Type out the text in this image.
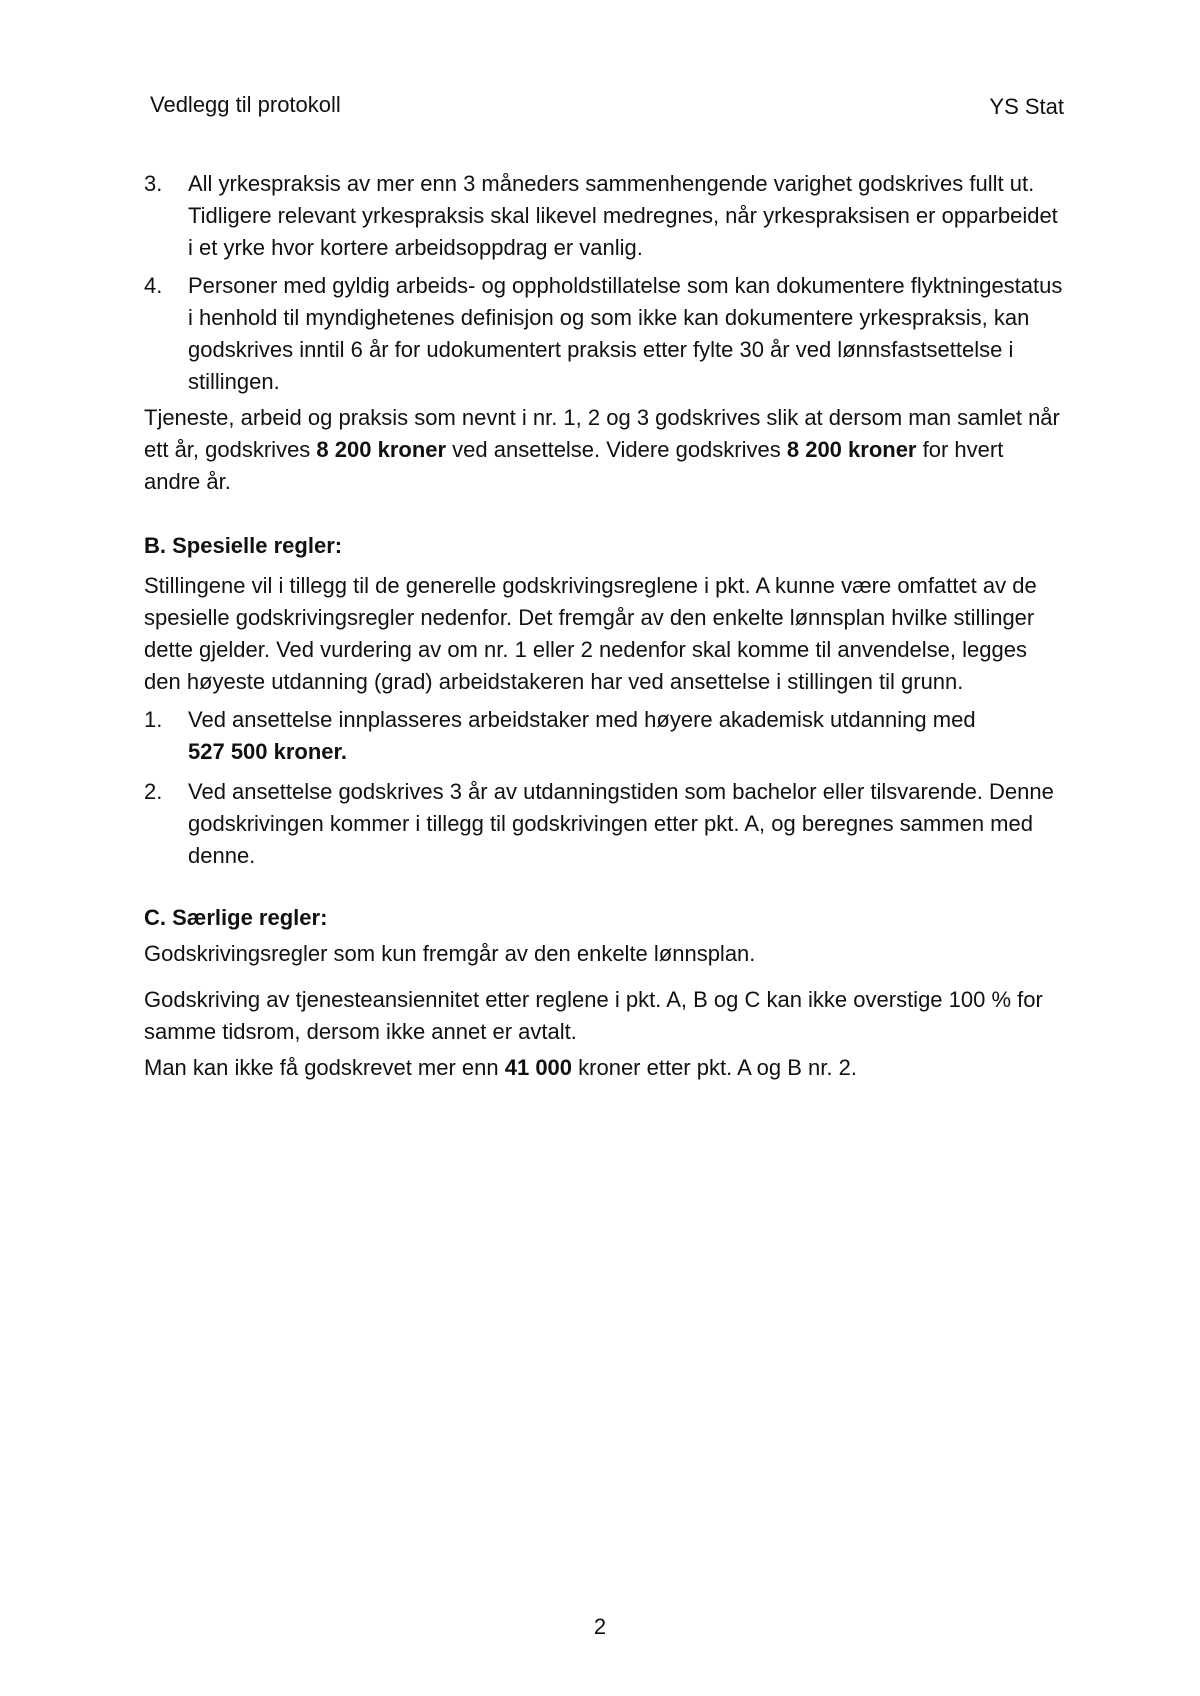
Vedlegg til protokoll	YS Stat
3.	All yrkespraksis av mer enn 3 måneders sammenhengende varighet godskrives fullt ut. Tidligere relevant yrkespraksis skal likevel medregnes, når yrkespraksisen er opparbeidet i et yrke hvor kortere arbeidsoppdrag er vanlig.
4.	Personer med gyldig arbeids- og oppholdstillatelse som kan dokumentere flyktningestatus i henhold til myndighetenes definisjon og som ikke kan dokumentere yrkespraksis, kan godskrives inntil 6 år for udokumentert praksis etter fylte 30 år ved lønnsfastsettelse i stillingen.
Tjeneste, arbeid og praksis som nevnt i nr. 1, 2 og 3 godskrives slik at dersom man samlet når ett år, godskrives 8 200 kroner ved ansettelse. Videre godskrives 8 200 kroner for hvert andre år.
B. Spesielle regler:
Stillingene vil i tillegg til de generelle godskrivingsreglene i pkt. A kunne være omfattet av de spesielle godskrivingsregler nedenfor. Det fremgår av den enkelte lønnsplan hvilke stillinger dette gjelder. Ved vurdering av om nr. 1 eller 2 nedenfor skal komme til anvendelse, legges den høyeste utdanning (grad) arbeidstakeren har ved ansettelse i stillingen til grunn.
1.	Ved ansettelse innplasseres arbeidstaker med høyere akademisk utdanning med
527 500 kroner.
2.	Ved ansettelse godskrives 3 år av utdanningstiden som bachelor eller tilsvarende. Denne godskrivingen kommer i tillegg til godskrivingen etter pkt. A, og beregnes sammen med denne.
C. Særlige regler:
Godskrivingsregler som kun fremgår av den enkelte lønnsplan.
Godskriving av tjenesteansiennitet etter reglene i pkt. A, B og C kan ikke overstige 100 % for samme tidsrom, dersom ikke annet er avtalt.
Man kan ikke få godskrevet mer enn 41 000 kroner etter pkt. A og B nr. 2.
2
